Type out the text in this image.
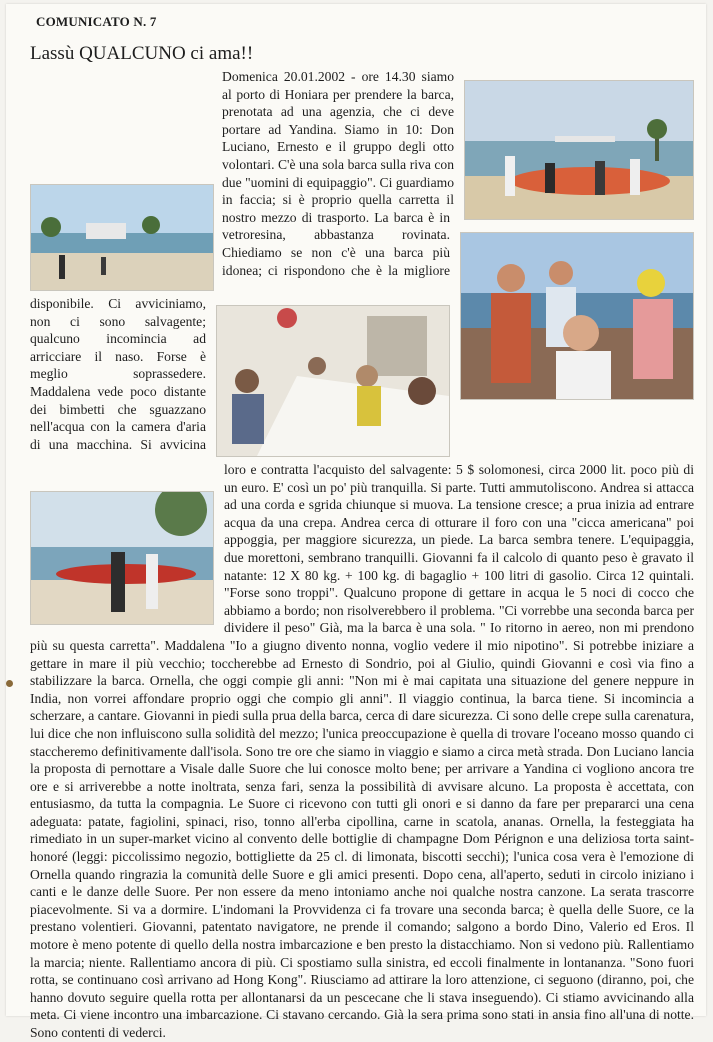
COMUNICATO N. 7
Lassù QUALCUNO ci ama!!

Domenica 20.01.2002 - ore 14.30 siamo al porto di Honiara per prendere la barca, prenotata ad una agenzia, che ci deve portare ad Yandina. Siamo in 10: Don Luciano, Ernesto e il gruppo degli otto volontari. C'è una sola barca sulla riva con due "uomini di equipaggio". Ci guardiamo in faccia; si è proprio quella carretta il nostro mezzo di trasporto. La barca è in vetroresina, abbastanza rovinata. Chiediamo se non c'è una barca più idonea; ci rispondono che è la migliore disponibile. Ci avviciniamo, non ci sono salvagente; qualcuno incomincia ad arricciare il naso. Forse è meglio soprassedere. Maddalena vede poco distante dei bimbetti che sguazzano nell'acqua con la camera d'aria di una macchina. Si avvicina loro e contratta l'acquisto del salvagente: 5 $ solomonesi, circa 2000 lit. poco più di un euro. E' così un po' più tranquilla. Si parte. Tutti ammutoliscono. Andrea si attacca ad una corda e sgrida chiunque si muova. La tensione cresce; a prua inizia ad entrare acqua da una crepa. Andrea cerca di otturare il foro con una "cicca americana" poi appoggia, per maggiore sicurezza, un piede. La barca sembra tenere. L'equipaggia, due morettoni, sembrano tranquilli. Giovanni fa il calcolo di quanto peso è gravato il natante: 12 X 80 kg. + 100 kg. di bagaglio + 100 litri di gasolio. Circa 12 quintali. "Forse sono troppi". Qualcuno propone di gettare in acqua le 5 noci di cocco che abbiamo a bordo; non risolverebbero il problema. "Ci vorrebbe una seconda barca per dividere il peso" Già, ma la barca è una sola. " Io ritorno in aereo, non mi prendono più su questa carretta". Maddalena "Io a giugno divento nonna, voglio vedere il mio nipotino". Si potrebbe iniziare a gettare in mare il più vecchio; toccherebbe ad Ernesto di Sondrio, poi al Giulio, quindi Giovanni e così via fino a stabilizzare la barca. Ornella, che oggi compie gli anni: "Non mi è mai capitata una situazione del genere neppure in India, non vorrei affondare proprio oggi che compio gli anni". Il viaggio continua, la barca tiene. Si incomincia a scherzare, a cantare. Giovanni in piedi sulla prua della barca, cerca di dare sicurezza. Ci sono delle crepe sulla carenatura, lui dice che non influiscono sulla solidità del mezzo; l'unica preoccupazione è quella di trovare l'oceano mosso quando ci staccheremo definitivamente dall'isola. Sono tre ore che siamo in viaggio e siamo a circa metà strada. Don Luciano lancia la proposta di pernottare a Visale dalle Suore che lui conosce molto bene; per arrivare a Yandina ci vogliono ancora tre ore e si arriverebbe a notte inoltrata, senza fari, senza la possibilità di avvisare alcuno. La proposta è accettata, con entusiasmo, da tutta la compagnia. Le Suore ci ricevono con tutti gli onori e si danno da fare per prepararci una cena adeguata: patate, fagiolini, spinaci, riso, tonno all'erba cipollina, carne in scatola, ananas. Ornella, la festeggiata ha rimediato in un super-market vicino al convento delle bottiglie di champagne Dom Pérignon e una deliziosa torta saint-honoré (leggi: piccolissimo negozio, bottigliette da 25 cl. di limonata, biscotti secchi); l'unica cosa vera è l'emozione di Ornella quando ringrazia la comunità delle Suore e gli amici presenti. Dopo cena, all'aperto, seduti in circolo iniziano i canti e le danze delle Suore. Per non essere da meno intoniamo anche noi qualche nostra canzone. La serata trascorre piacevolmente. Si va a dormire. L'indomani la Provvidenza ci fa trovare una seconda barca; è quella delle Suore, ce la prestano volentieri. Giovanni, patentato navigatore, ne prende il comando; salgono a bordo Dino, Valerio ed Eros. Il motore è meno potente di quello della nostra imbarcazione e ben presto la distacchiamo. Non si vedono più. Rallentiamo la marcia; niente. Rallentiamo ancora di più. Ci spostiamo sulla sinistra, ed eccoli finalmente in lontananza. "Sono fuori rotta, se continuano così arrivano ad Hong Kong". Riusciamo ad attirare la loro attenzione, ci seguono (diranno, poi, che hanno dovuto seguire quella rotta per allontanarsi da un pescecane che li stava inseguendo). Ci stiamo avvicinando alla meta. Ci viene incontro una imbarcazione. Ci stavano cercando. Già la sera prima sono stati in ansia fino all'una di notte. Sono contenti di vederci.
